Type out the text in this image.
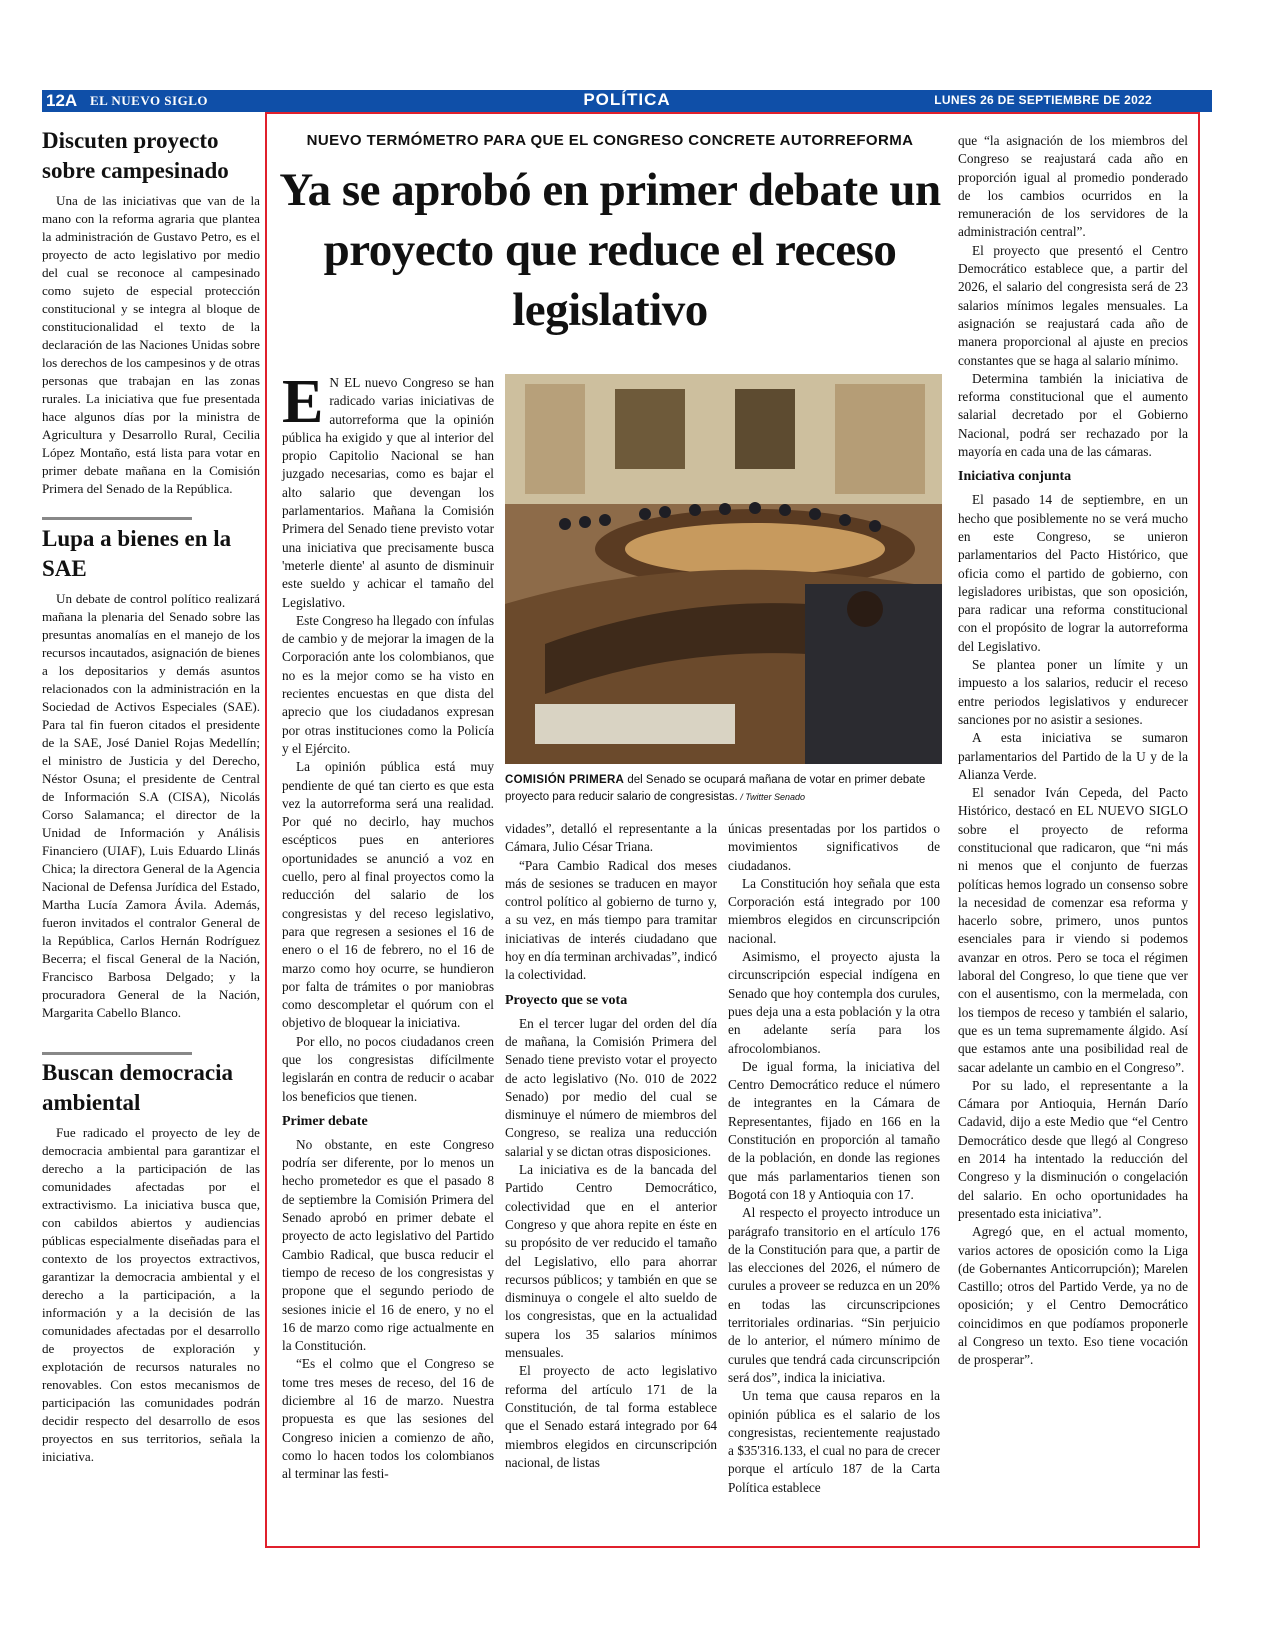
12A EL NUEVO SIGLO	POLÍTICA	LUNES 26 DE SEPTIEMBRE DE 2022
Discuten proyecto sobre campesinado

Una de las iniciativas que van de la mano con la reforma agraria que plantea la administración de Gustavo Petro, es el proyecto de acto legislativo por medio del cual se reconoce al campesinado como sujeto de especial protección constitucional y se integra al bloque de constitucionalidad el texto de la declaración de las Naciones Unidas sobre los derechos de los campesinos y de otras personas que trabajan en las zonas rurales. La iniciativa que fue presentada hace algunos días por la ministra de Agricultura y Desarrollo Rural, Cecilia López Montaño, está lista para votar en primer debate mañana en la Comisión Primera del Senado de la República.

Lupa a bienes en la SAE

Un debate de control político realizará mañana la plenaria del Senado sobre las presuntas anomalías en el manejo de los recursos incautados, asignación de bienes a los depositarios y demás asuntos relacionados con la administración en la Sociedad de Activos Especiales (SAE). Para tal fin fueron citados el presidente de la SAE, José Daniel Rojas Medellín; el ministro de Justicia y del Derecho, Néstor Osuna; el presidente de Central de Información S.A (CISA), Nicolás Corso Salamanca; el director de la Unidad de Información y Análisis Financiero (UIAF), Luis Eduardo Llinás Chica; la directora General de la Agencia Nacional de Defensa Jurídica del Estado, Martha Lucía Zamora Ávila. Además, fueron invitados el contralor General de la República, Carlos Hernán Rodríguez Becerra; el fiscal General de la Nación, Francisco Barbosa Delgado; y la procuradora General de la Nación, Margarita Cabello Blanco.

Buscan democracia ambiental

Fue radicado el proyecto de ley de democracia ambiental para garantizar el derecho a la participación de las comunidades afectadas por el extractivismo. La iniciativa busca que, con cabildos abiertos y audiencias públicas especialmente diseñadas para el contexto de los proyectos extractivos, garantizar la democracia ambiental y el derecho a la participación, a la información y a la decisión de las comunidades afectadas por el desarrollo de proyectos de exploración y explotación de recursos naturales no renovables. Con estos mecanismos de participación las comunidades podrán decidir respecto del desarrollo de esos proyectos en sus territorios, señala la iniciativa.

NUEVO TERMÓMETRO PARA QUE EL CONGRESO CONCRETE AUTORREFORMA
Ya se aprobó en primer debate un proyecto que reduce el receso legislativo

E N EL nuevo Congreso se han radicado varias iniciativas de autorreforma que la opinión pública ha exigido y que al interior del propio Capitolio Nacional se han juzgado necesarias, como es bajar el alto salario que devengan los parlamentarios. Mañana la Comisión Primera del Senado tiene previsto votar una iniciativa que precisamente busca 'meterle diente' al asunto de disminuir este sueldo y achicar el tamaño del Legislativo.

Este Congreso ha llegado con ínfulas de cambio y de mejorar la imagen de la Corporación ante los colombianos, que no es la mejor como se ha visto en recientes encuestas en que dista del aprecio que los ciudadanos expresan por otras instituciones como la Policía y el Ejército.

La opinión pública está muy pendiente de qué tan cierto es que esta vez la autorreforma será una realidad. Por qué no decirlo, hay muchos escépticos pues en anteriores oportunidades se anunció a voz en cuello, pero al final proyectos como la reducción del salario de los congresistas y del receso legislativo, para que regresen a sesiones el 16 de enero o el 16 de febrero, no el 16 de marzo como hoy ocurre, se hundieron por falta de trámites o por maniobras como descompletar el quórum con el objetivo de bloquear la iniciativa.

Por ello, no pocos ciudadanos creen que los congresistas difícilmente legislarán en contra de reducir o acabar los beneficios que tienen.

Primer debate

No obstante, en este Congreso podría ser diferente, por lo menos un hecho prometedor es que el pasado 8 de septiembre la Comisión Primera del Senado aprobó en primer debate el proyecto de acto legislativo del Partido Cambio Radical, que busca reducir el tiempo de receso de los congresistas y propone que el segundo periodo de sesiones inicie el 16 de enero, y no el 16 de marzo como rige actualmente en la Constitución.

“Es el colmo que el Congreso se tome tres meses de receso, del 16 de diciembre al 16 de marzo. Nuestra propuesta es que las sesiones del Congreso inicien a comienzo de año, como lo hacen todos los colombianos al terminar las festi-

COMISIÓN PRIMERA del Senado se ocupará mañana de votar en primer debate proyecto para reducir salario de congresistas. / Twitter Senado

vidades”, detalló el representante a la Cámara, Julio César Triana.

“Para Cambio Radical dos meses más de sesiones se traducen en mayor control político al gobierno de turno y, a su vez, en más tiempo para tramitar iniciativas de interés ciudadano que hoy en día terminan archivadas”, indicó la colectividad.

Proyecto que se vota

En el tercer lugar del orden del día de mañana, la Comisión Primera del Senado tiene previsto votar el proyecto de acto legislativo (No. 010 de 2022 Senado) por medio del cual se disminuye el número de miembros del Congreso, se realiza una reducción salarial y se dictan otras disposiciones.

La iniciativa es de la bancada del Partido Centro Democrático, colectividad que en el anterior Congreso y que ahora repite en éste en su propósito de ver reducido el tamaño del Legislativo, ello para ahorrar recursos públicos; y también en que se disminuya o congele el alto sueldo de los congresistas, que en la actualidad supera los 35 salarios mínimos mensuales.

El proyecto de acto legislativo reforma del artículo 171 de la Constitución, de tal forma establece que el Senado estará integrado por 64 miembros elegidos en circunscripción nacional, de listas

únicas presentadas por los partidos o movimientos significativos de ciudadanos.

La Constitución hoy señala que esta Corporación está integrado por 100 miembros elegidos en circunscripción nacional.

Asimismo, el proyecto ajusta la circunscripción especial indígena en Senado que hoy contempla dos curules, pues deja una a esta población y la otra en adelante sería para los afrocolombianos.

De igual forma, la iniciativa del Centro Democrático reduce el número de integrantes en la Cámara de Representantes, fijado en 166 en la Constitución en proporción al tamaño de la población, en donde las regiones que más parlamentarios tienen son Bogotá con 18 y Antioquia con 17.

Al respecto el proyecto introduce un parágrafo transitorio en el artículo 176 de la Constitución para que, a partir de las elecciones del 2026, el número de curules a proveer se reduzca en un 20% en todas las circunscripciones territoriales ordinarias. “Sin perjuicio de lo anterior, el número mínimo de curules que tendrá cada circunscripción será dos”, indica la iniciativa.

Un tema que causa reparos en la opinión pública es el salario de los congresistas, recientemente reajustado a $35'316.133, el cual no para de crecer porque el artículo 187 de la Carta Política establece

que “la asignación de los miembros del Congreso se reajustará cada año en proporción igual al promedio ponderado de los cambios ocurridos en la remuneración de los servidores de la administración central”.

El proyecto que presentó el Centro Democrático establece que, a partir del 2026, el salario del congresista será de 23 salarios mínimos legales mensuales. La asignación se reajustará cada año de manera proporcional al ajuste en precios constantes que se haga al salario mínimo.

Determina también la iniciativa de reforma constitucional que el aumento salarial decretado por el Gobierno Nacional, podrá ser rechazado por la mayoría en cada una de las cámaras.

Iniciativa conjunta

El pasado 14 de septiembre, en un hecho que posiblemente no se verá mucho en este Congreso, se unieron parlamentarios del Pacto Histórico, que oficia como el partido de gobierno, con legisladores uribistas, que son oposición, para radicar una reforma constitucional con el propósito de lograr la autorreforma del Legislativo.

Se plantea poner un límite y un impuesto a los salarios, reducir el receso entre periodos legislativos y endurecer sanciones por no asistir a sesiones.

A esta iniciativa se sumaron parlamentarios del Partido de la U y de la Alianza Verde.

El senador Iván Cepeda, del Pacto Histórico, destacó en EL NUEVO SIGLO sobre el proyecto de reforma constitucional que radicaron, que “ni más ni menos que el conjunto de fuerzas políticas hemos logrado un consenso sobre la necesidad de comenzar esa reforma y hacerlo sobre, primero, unos puntos esenciales para ir viendo si podemos avanzar en otros. Pero se toca el régimen laboral del Congreso, lo que tiene que ver con el ausentismo, con la mermelada, con los tiempos de receso y también el salario, que es un tema supremamente álgido. Así que estamos ante una posibilidad real de sacar adelante un cambio en el Congreso”.

Por su lado, el representante a la Cámara por Antioquia, Hernán Darío Cadavid, dijo a este Medio que “el Centro Democrático desde que llegó al Congreso en 2014 ha intentado la reducción del Congreso y la disminución o congelación del salario. En ocho oportunidades ha presentado esta iniciativa”.

Agregó que, en el actual momento, varios actores de oposición como la Liga (de Gobernantes Anticorrupción); Marelen Castillo; otros del Partido Verde, ya no de oposición; y el Centro Democrático coincidimos en que podíamos proponerle al Congreso un texto. Eso tiene vocación de prosperar”.
